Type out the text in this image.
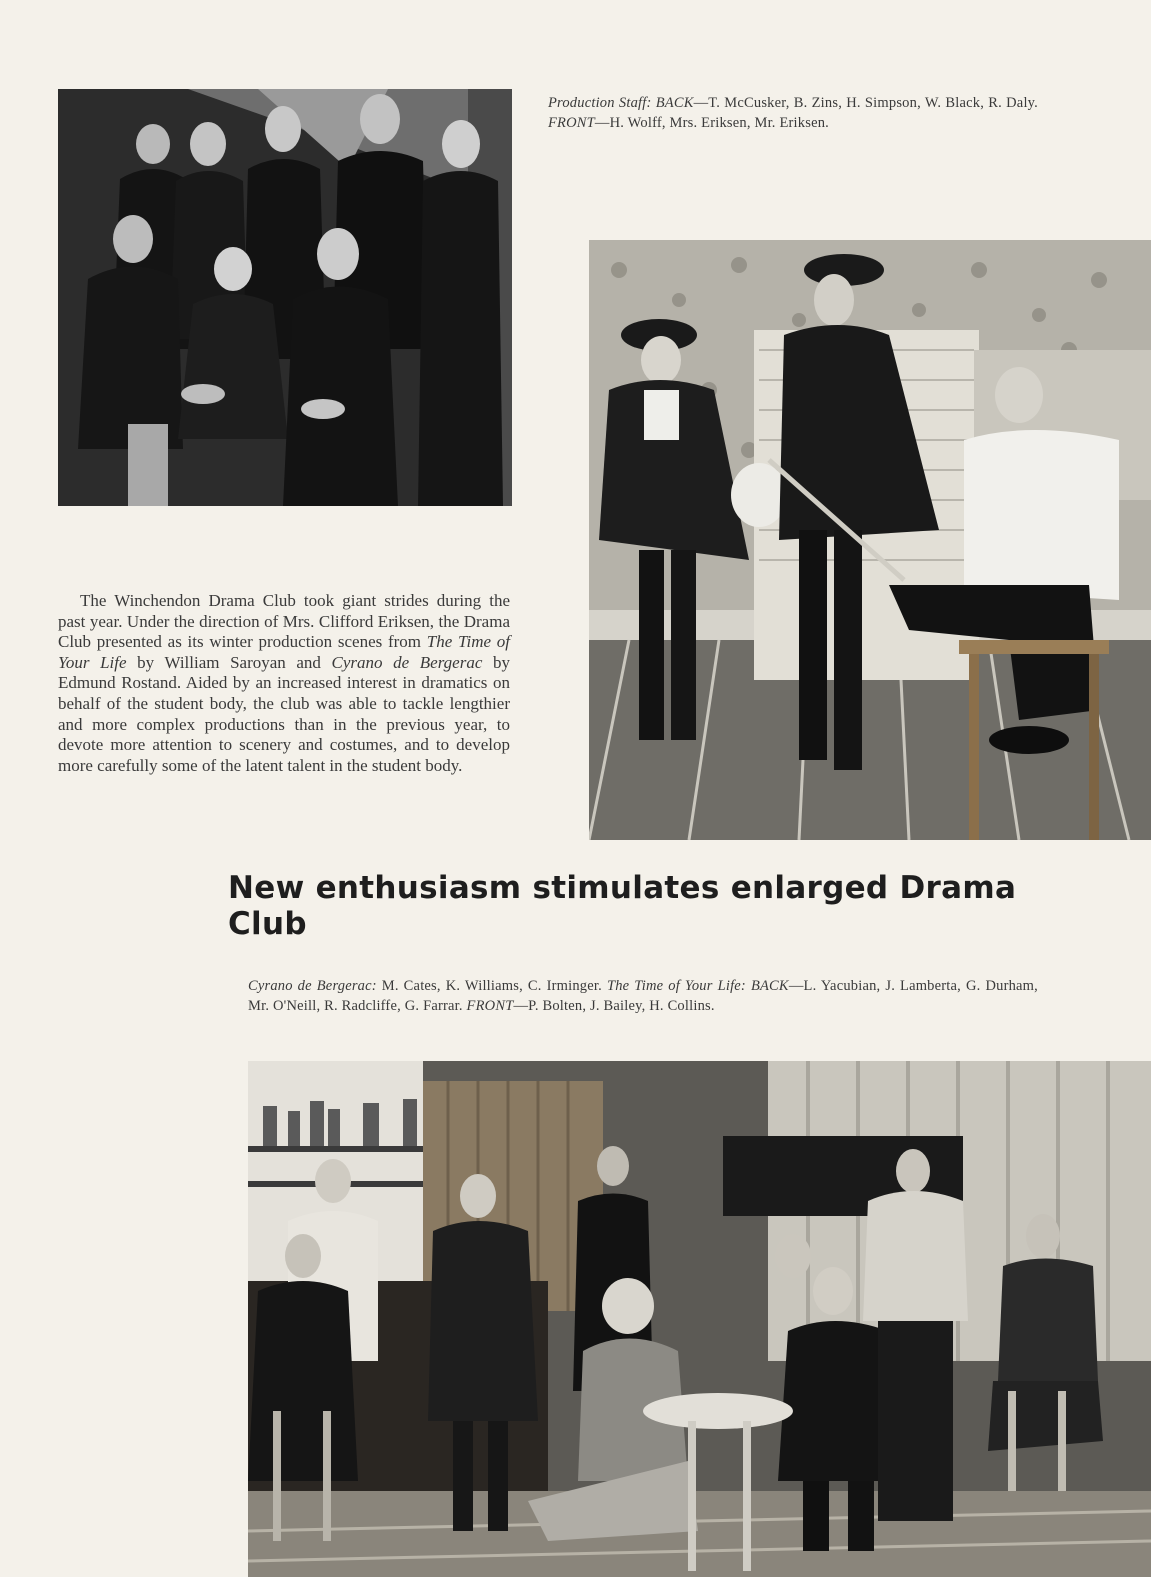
Production Staff: BACK—T. McCusker, B. Zins, H. Simpson, W. Black, R. Daly. FRONT—H. Wolff, Mrs. Eriksen, Mr. Eriksen.

The Winchendon Drama Club took giant strides during the past year. Under the direction of Mrs. Clifford Eriksen, the Drama Club presented as its winter production scenes from The Time of Your Life by William Saroyan and Cyrano de Bergerac by Edmund Rostand. Aided by an increased interest in dramatics on behalf of the student body, the club was able to tackle lengthier and more complex productions than in the previous year, to devote more attention to scenery and costumes, and to develop more carefully some of the latent talent in the student body.

New enthusiasm stimulates enlarged Drama Club
Cyrano de Bergerac: M. Cates, K. Williams, C. Irminger. The Time of Your Life: BACK—L. Yacubian, J. Lamberta, G. Durham, Mr. O'Neill, R. Radcliffe, G. Farrar. FRONT—P. Bolten, J. Bailey, H. Collins.
